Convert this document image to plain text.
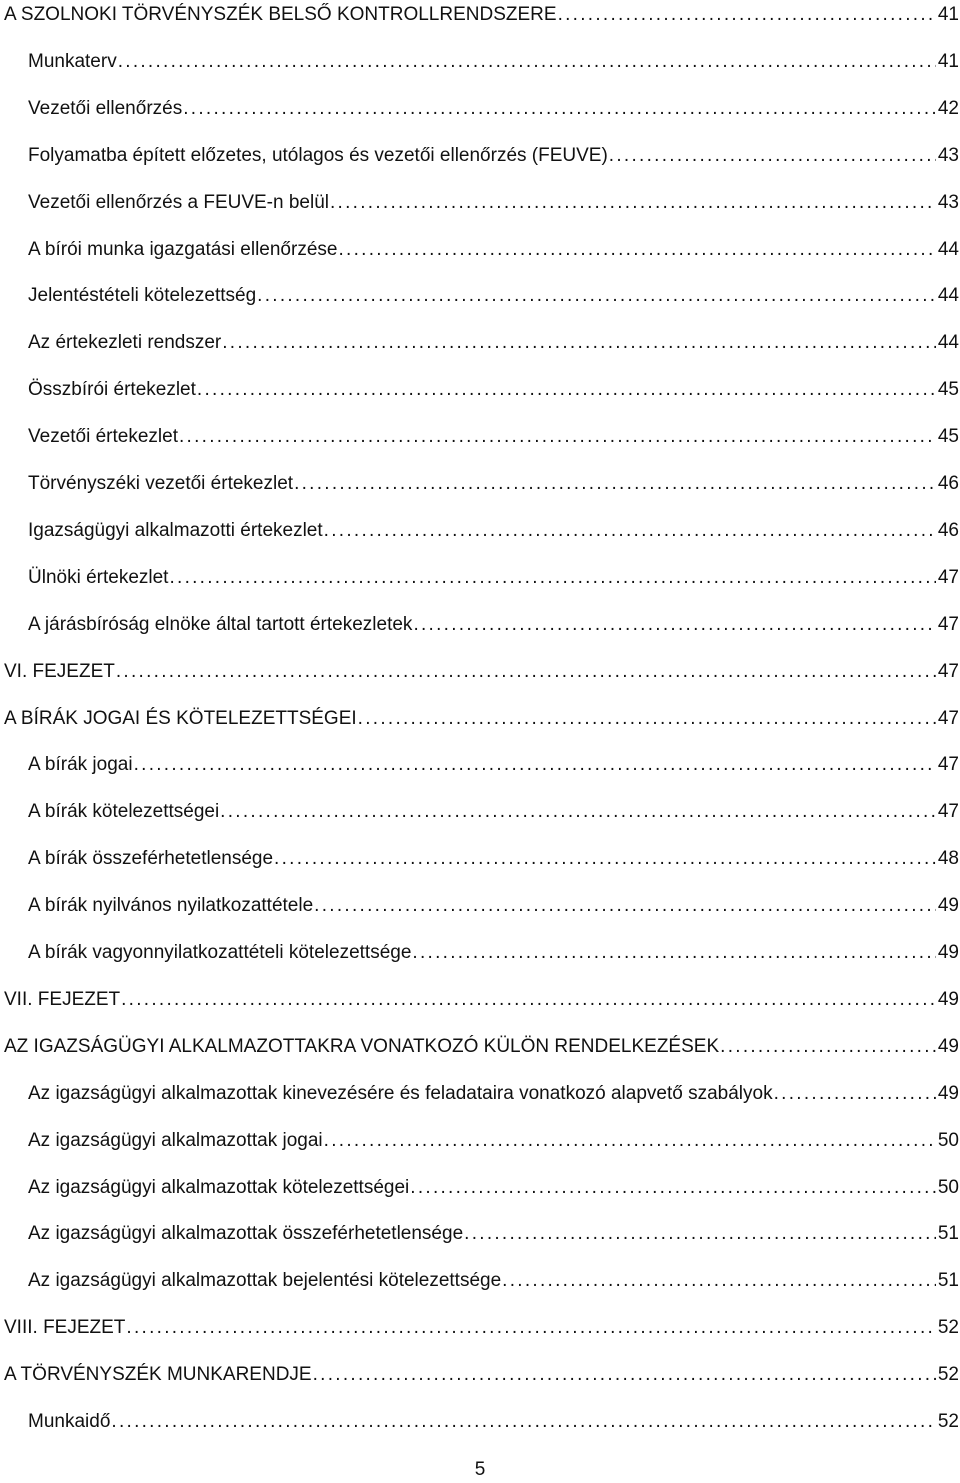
A SZOLNOKI TÖRVÉNYSZÉK BELSŐ KONTROLLRENDSZERE . . .	41
Munkaterv . . .	41
Vezetői ellenőrzés . . .	42
Folyamatba épített előzetes, utólagos és vezetői ellenőrzés (FEUVE) . . .	43
Vezetői ellenőrzés a FEUVE-n belül . . .	43
A bírói munka igazgatási ellenőrzése . . .	44
Jelentéstételi kötelezettség . . .	44
Az értekezleti rendszer . . .	44
Összbírói értekezlet . . .	45
Vezetői értekezlet . . .	45
Törvényszéki vezetői értekezlet . . .	46
Igazságügyi alkalmazotti értekezlet . . .	46
Ülnöki értekezlet . . .	47
A járásbíróság elnöke által tartott értekezletek . . .	47
VI. FEJEZET . . .	47
A BÍRÁK JOGAI ÉS KÖTELEZETTSÉGEI . . .	47
A bírák jogai . . .	47
A bírák kötelezettségei . . .	47
A bírák összeférhetetlensége . . .	48
A bírák nyilvános nyilatkozattétele . . .	49
A bírák vagyonnyilatkozattételi kötelezettsége . . .	49
VII. FEJEZET . . .	49
AZ IGAZSÁGÜGYI ALKALMAZOTTAKRA VONATKOZÓ KÜLÖN RENDELKEZÉSEK . . .	49
Az igazságügyi alkalmazottak kinevezésére és feladataira vonatkozó alapvető szabályok . . .	49
Az igazságügyi alkalmazottak jogai . . .	50
Az igazságügyi alkalmazottak kötelezettségei . . .	50
Az igazságügyi alkalmazottak összeférhetetlensége . . .	51
Az igazságügyi alkalmazottak bejelentési kötelezettsége . . .	51
VIII. FEJEZET . . .	52
A TÖRVÉNYSZÉK MUNKARENDJE . . .	52
Munkaidő . . .	52
5
